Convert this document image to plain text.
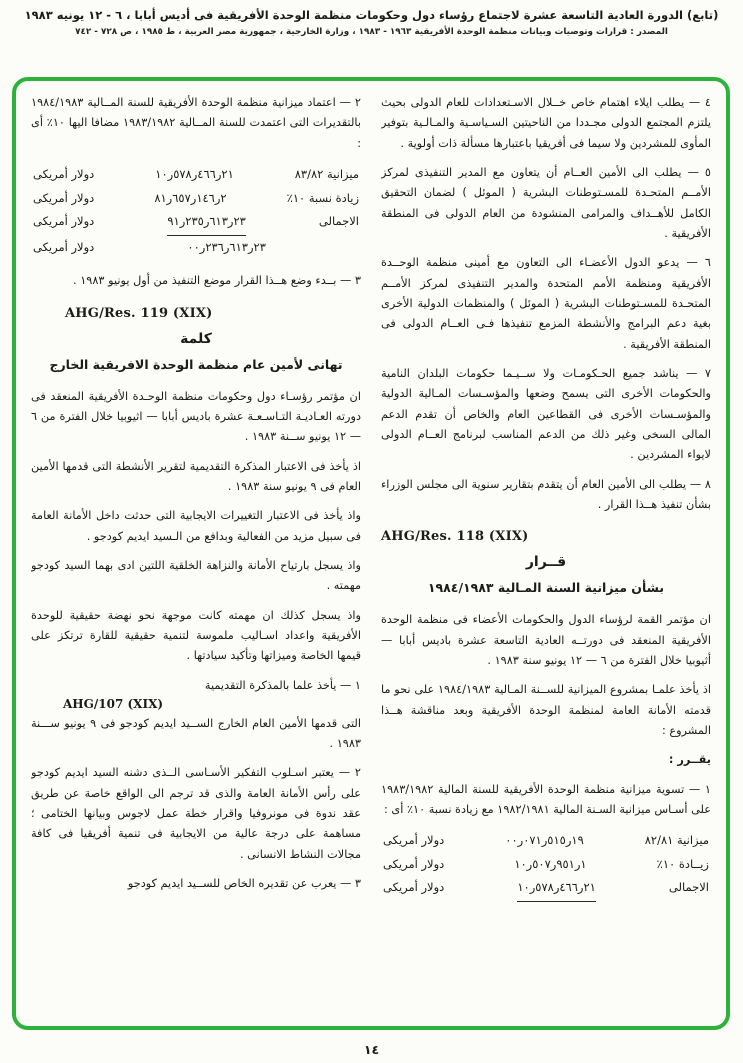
(تابع) الدورة العادية التاسعة عشرة لاجتماع رؤساء دول وحكومات منظمة الوحدة الأفريقية فى أديس أبابا ، ٦ - ١٢ يونيه ١٩٨٣
المصدر : قرارات وتوصيات وبيانات منظمة الوحدة الأفريقية ١٩٦٣ - ١٩٨٣ ، وزارة الخارجية ، جمهورية مصر العربية ، ط ١٩٨٥ ، ص ٧٢٨ - ٧٤٢

٤ — يطلب ايلاء اهتمام خاص خــلال الاسـتعدادات للعام الدولى بحيث يلتزم المجتمع الدولى مجـددا من الناحيتين السـياسـية والمـالـية بتوفير المأوى للمشردين ولا سيما فى أفريقيا باعتبارها مسألة ذات أولوية .

٥ — يطلب الى الأمين العــام أن يتعاون مع المدير التنفيذى لمركز الأمــم المتحـدة للمسـتوطنات البشرية ( الموئل ) لضمان التحقيق الكامل للأهــداف والمرامى المنشودة من العام الدولى فى المنطقة الأفريقية .

٦ — يدعو الدول الأعضـاء الى التعاون مع أمينى منظمة الوحــدة الأفريقية ومنظمة الأمم المتحدة والمدير التنفيذى لمركز الأمــم المتحـدة للمسـتوطنات البشرية ( الموئل ) والمنظمات الدولية الأخرى بغية دعم البرامج والأنشطة المزمع تنفيذها فـى العــام الدولى فى المنطقة الأفريقية .

٧ — يناشد جميع الحـكومـات ولا ســيـما حكومات البلدان النامية والحكومات الأخرى التى يسمح وضعها والمؤسـسات المـالية الدولية والمؤسـسات الأخرى فى القطاعين العام والخاص أن تقدم الدعم المالى السخى وغير ذلك من الدعم المناسب لبرنامج العــام الدولى لايواء المشردين .

٨ — يطلب الى الأمين العام أن يتقدم بتقارير سنوية الى مجلس الوزراء بشأن تنفيذ هــذا القرار .

AHG/Res. 118 (XIX)
قــرار
بشأن ميزانية السنة المـالية ١٩٨٤/١٩٨٣

ان مؤتمر القمة لرؤساء الدول والحكومات الأعضاء فى منظمة الوحدة الأفريقية المنعقد فى دورتــه العادية التاسعة عشرة باديس أبابا — أثيوبيا خلال الفترة من ٦ — ١٢ يونيو سنة ١٩٨٣ .

اذ يأخذ علمـا بمشروع الميزانية للســنة المـالية ١٩٨٤/١٩٨٣ على نحو ما قدمته الأمانة العامة لمنظمة الوحدة الأفريقية وبعد مناقشة هــذا المشروع :

يقــرر :

١ — تسوية ميزانية منظمة الوحدة الأفريقية للسنة المالية ١٩٨٣/١٩٨٢ على أسـاس ميزانية السـنة المالية ١٩٨٢/١٩٨١ مع زيادة نسبة ١٠٪ أى :

ميزانية ٨٢/٨١
١٩ر٥١٥ر٠٧١ر٠٠
دولار أمريكى
زيــادة ١٠٪
١ر٩٥١ر٥٠٧ر١٠
دولار أمريكى
الاجمالى
٢١ر٤٦٦ر٥٧٨ر١٠
دولار أمريكى

٢ — اعتماد ميزانية منظمة الوحدة الأفريقية للسنة المــالية ١٩٨٤/١٩٨٣ بالتقديرات التى اعتمدت للسنة المــالية ١٩٨٣/١٩٨٢ مضافا اليها ١٠٪ أى :

ميزانية ٨٣/٨٢
٢١ر٤٦٦ر٥٧٨ر١٠
دولار أمريكى
زيادة نسبة ١٠٪
٢ر١٤٦ر٦٥٧ر٨١
دولار أمريكى
الاجمالى
٢٣ر٦١٣ر٢٣٥ر٩١
دولار أمريكى
٢٣ر٦١٣ر٢٣٦ر٠٠
دولار أمريكى

٣ — بــدء وضع هــذا القرار موضع التنفيذ من أول يونيو ١٩٨٣ .

AHG/Res. 119 (XIX)
كلمة
تهانى لأمين عام منظمة الوحدة الافريقية الخارج

ان مؤتمر رؤسـاء دول وحكومات منظمة الوحـدة الأفريقية المنعقد فى دورته العـاديـة التـاسـعـة عشرة باديس أبابا — اثيوبيا خلال الفترة من ٦ — ١٢ يونيو ســنة ١٩٨٣ .

اذ يأخذ فى الاعتبار المذكرة التقديمية لتقرير الأنشطة التى قدمها الأمين العام فى ٩ يونيو سنة ١٩٨٣ .

واذ يأخذ فى الاعتبار التغييرات الايجابية التى حدثت داخل الأمانة العامة فى سبيل مزيد من الفعالية وبدافع من الـسيد ايديم كودجو .

واذ يسجل بارتياح الأمانة والنزاهة الخلقية اللتين ادى بهما السيد كودجو مهمته .

واذ يسجل كذلك ان مهمته كانت موجهة نحو نهضة حقيقية للوحدة الأفريقية واعداد اسـاليب ملموسة لتنمية حقيقية للقارة ترتكز على قيمها الخاصة وميزاتها وتأكيد سيادتها .

١ — يأخذ علما بالمذكرة التقديمية

AHG/107 (XIX)

التى قدمها الأمين العام الخارج الســيد ايديم كودجو فى ٩ يونيو ســـنة ١٩٨٣ .

٢ — يعتبر اسـلوب التفكير الأسـاسى الــذى دشنه السيد ايديم كودجو على رأس الأمانة العامة والذى قد ترجم الى الواقع خاصة عن طريق عقد ندوة فى مونروفيا واقرار خطة عمل لاجوس وبيانها الختامى ؛ مساهمة على درجة عالية من الايجابية فى تنمية أفريقيا فى كافة مجالات النشاط الانسانى .

٣ — يعرب عن تقديره الخاص للســيد ايديم كودجو

١٤
